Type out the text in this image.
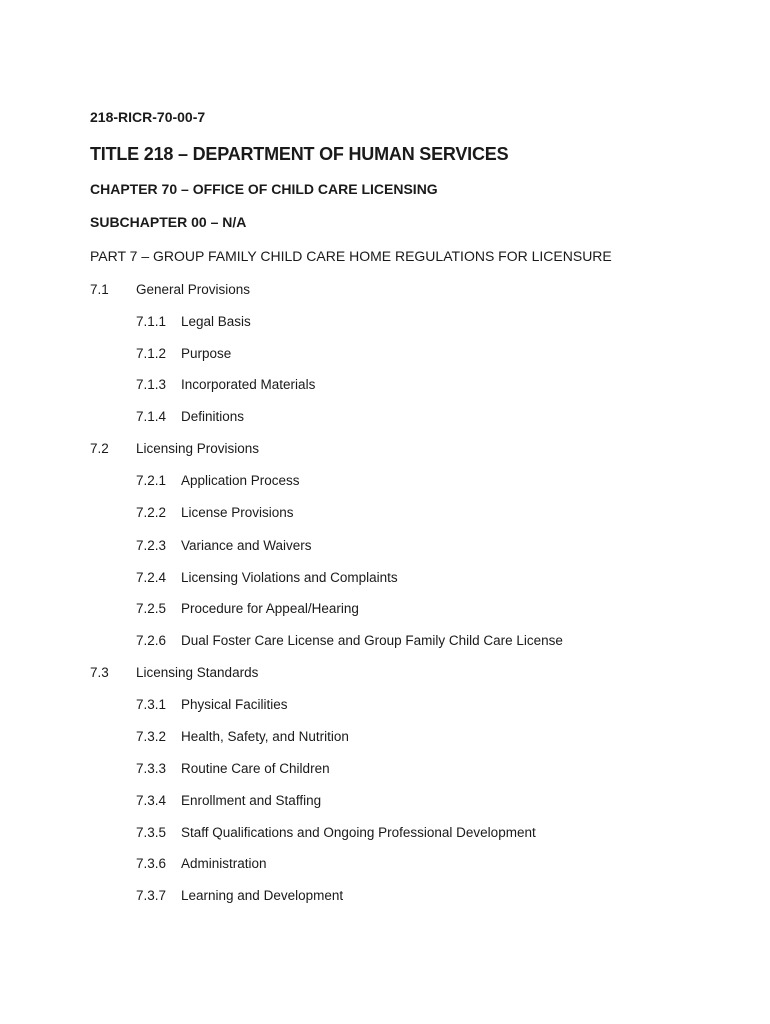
218-RICR-70-00-7
TITLE 218 – DEPARTMENT OF HUMAN SERVICES
CHAPTER 70 – OFFICE OF CHILD CARE LICENSING
SUBCHAPTER 00 – N/A
PART 7 – GROUP FAMILY CHILD CARE HOME REGULATIONS FOR LICENSURE
7.1 General Provisions
7.1.1 Legal Basis
7.1.2 Purpose
7.1.3 Incorporated Materials
7.1.4 Definitions
7.2 Licensing Provisions
7.2.1 Application Process
7.2.2 License Provisions
7.2.3 Variance and Waivers
7.2.4 Licensing Violations and Complaints
7.2.5 Procedure for Appeal/Hearing
7.2.6 Dual Foster Care License and Group Family Child Care License
7.3 Licensing Standards
7.3.1 Physical Facilities
7.3.2 Health, Safety, and Nutrition
7.3.3 Routine Care of Children
7.3.4 Enrollment and Staffing
7.3.5 Staff Qualifications and Ongoing Professional Development
7.3.6 Administration
7.3.7 Learning and Development
